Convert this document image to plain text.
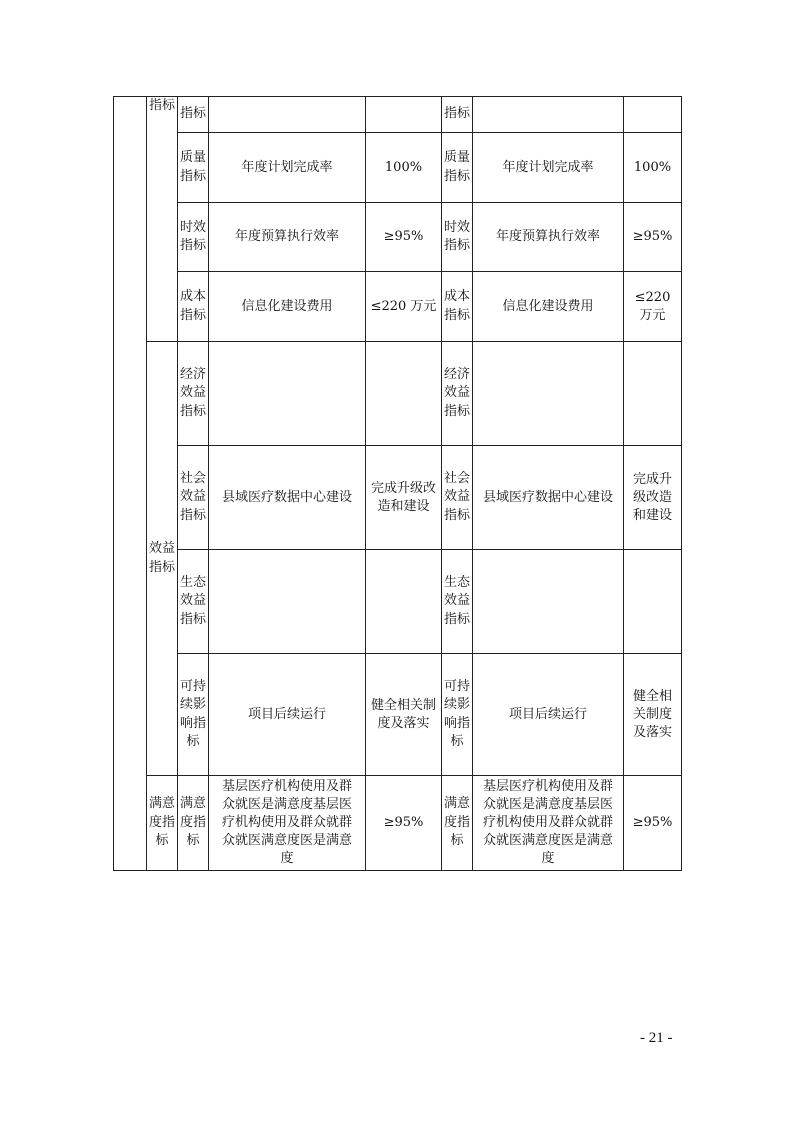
	指标	指标			指标		
		质量指标	年度计划完成率	100%	质量指标	年度计划完成率	100%
		时效指标	年度预算执行效率	≥95%	时效指标	年度预算执行效率	≥95%
		成本指标	信息化建设费用	≤220 万元	成本指标	信息化建设费用	≤220 万元
	效益指标	经济效益指标			经济效益指标		
		社会效益指标	县域医疗数据中心建设	完成升级改造和建设	社会效益指标	县域医疗数据中心建设	完成升级改造和建设
		生态效益指标			生态效益指标		
		可持续影响指标	项目后续运行	健全相关制度及落实	可持续影响指标	项目后续运行	健全相关制度及落实
	满意度指标	满意度指标	基层医疗机构使用及群众就医是满意度基层医疗机构使用及群众就群众就医满意度医是满意度	≥95%	满意度指标	基层医疗机构使用及群众就医是满意度基层医疗机构使用及群众就群众就医满意度医是满意度	≥95%
- 21 -
